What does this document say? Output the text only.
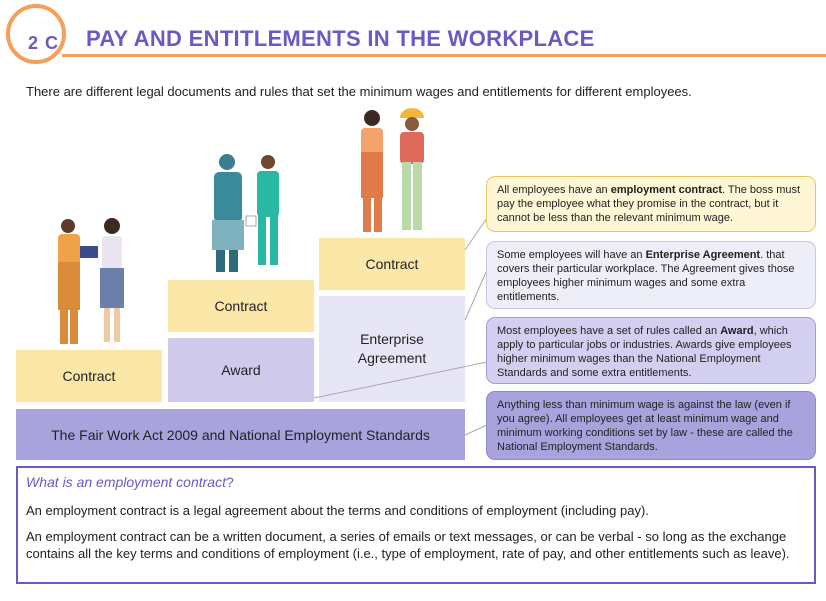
2 C PAY AND ENTITLEMENTS IN THE WORKPLACE
There are different legal documents and rules that set the minimum wages and entitlements for different employees.
Contract
Contract
Award
Contract
Enterprise Agreement
The Fair Work Act 2009
and
National Employment Standards
All employees have an employment contract. The boss must pay the employee what they promise in the contract, but it cannot be less than the relevant minimum wage.
Some employees will have an Enterprise Agreement. that covers their particular workplace. The Agreement gives those employees higher minimum wages and some extra entitlements.
Most employees have a set of rules called an Award, which apply to particular jobs or industries. Awards give employees higher minimum wages than the National Employment Standards and some extra entitlements.
Anything less than minimum wage is against the law (even if you agree). All employees get at least minimum wage and minimum working conditions set by law - these are called the National Employment Standards.
What is an employment contract?
An employment contract is a legal agreement about the terms and conditions of employment (including pay).
An employment contract can be a written document, a series of emails or text messages, or can be verbal - so long as the exchange contains all the key terms and conditions of employment (i.e., type of employment, rate of pay, and other entitlements such as leave).
